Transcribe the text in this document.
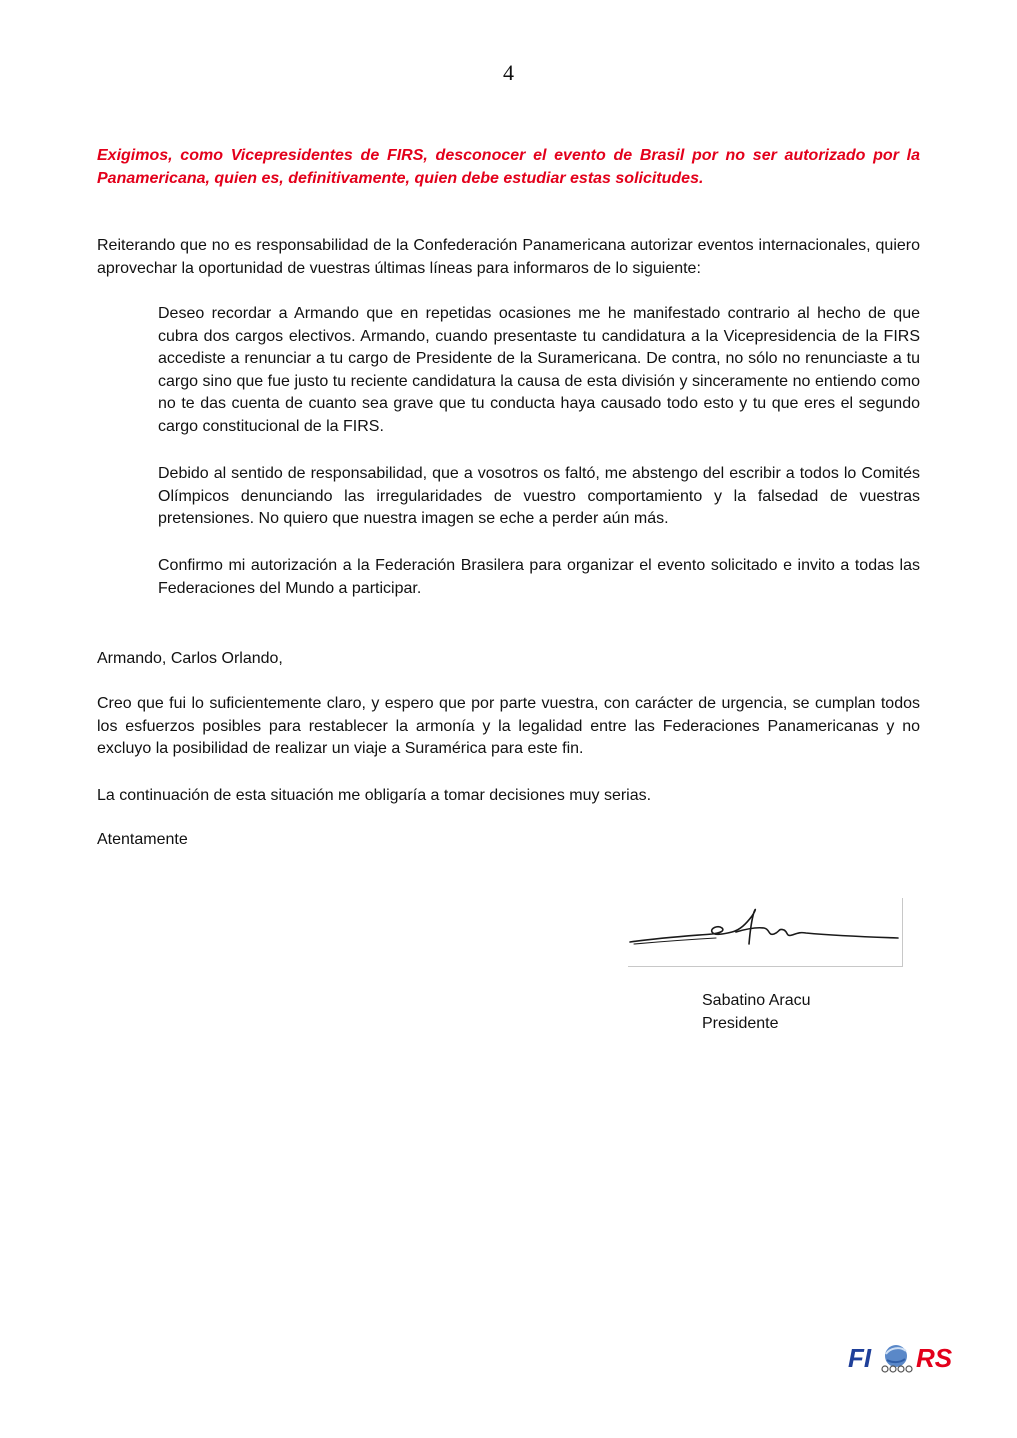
4
Exigimos, como Vicepresidentes de FIRS, desconocer el evento de Brasil por no ser autorizado por la Panamericana, quien es, definitivamente, quien debe estudiar estas solicitudes.
Reiterando que no es responsabilidad de la Confederación Panamericana autorizar eventos internacionales, quiero aprovechar la oportunidad de vuestras últimas líneas para informaros de lo siguiente:
Deseo recordar a Armando que en repetidas ocasiones me he manifestado contrario al hecho de que cubra dos cargos electivos. Armando, cuando presentaste tu candidatura a la Vicepresidencia de la FIRS accediste a renunciar a tu cargo de Presidente de la Suramericana. De contra, no sólo no renunciaste a tu cargo sino que fue justo tu reciente candidatura la causa de esta división y sinceramente no entiendo como no te das cuenta de cuanto sea grave que tu conducta haya causado todo esto y tu que eres el segundo cargo constitucional de la FIRS.
Debido al sentido de responsabilidad, que a vosotros os faltó, me abstengo del escribir a todos lo Comités Olímpicos denunciando las irregularidades de vuestro comportamiento y la falsedad de vuestras pretensiones. No quiero que nuestra imagen se eche a perder aún más.
Confirmo mi autorización a la Federación Brasilera para organizar el evento solicitado e invito a todas las Federaciones del Mundo a participar.
Armando, Carlos Orlando,
Creo que fui lo suficientemente claro, y espero que por parte vuestra, con carácter de urgencia, se cumplan todos los esfuerzos posibles para restablecer la armonía y la legalidad entre las Federaciones Panamericanas y no excluyo la posibilidad de realizar un viaje a Suramérica para este fin.
La continuación de esta situación me obligaría a tomar decisiones muy serias.
Atentamente
Sabatino Aracu
Presidente
FI RS
